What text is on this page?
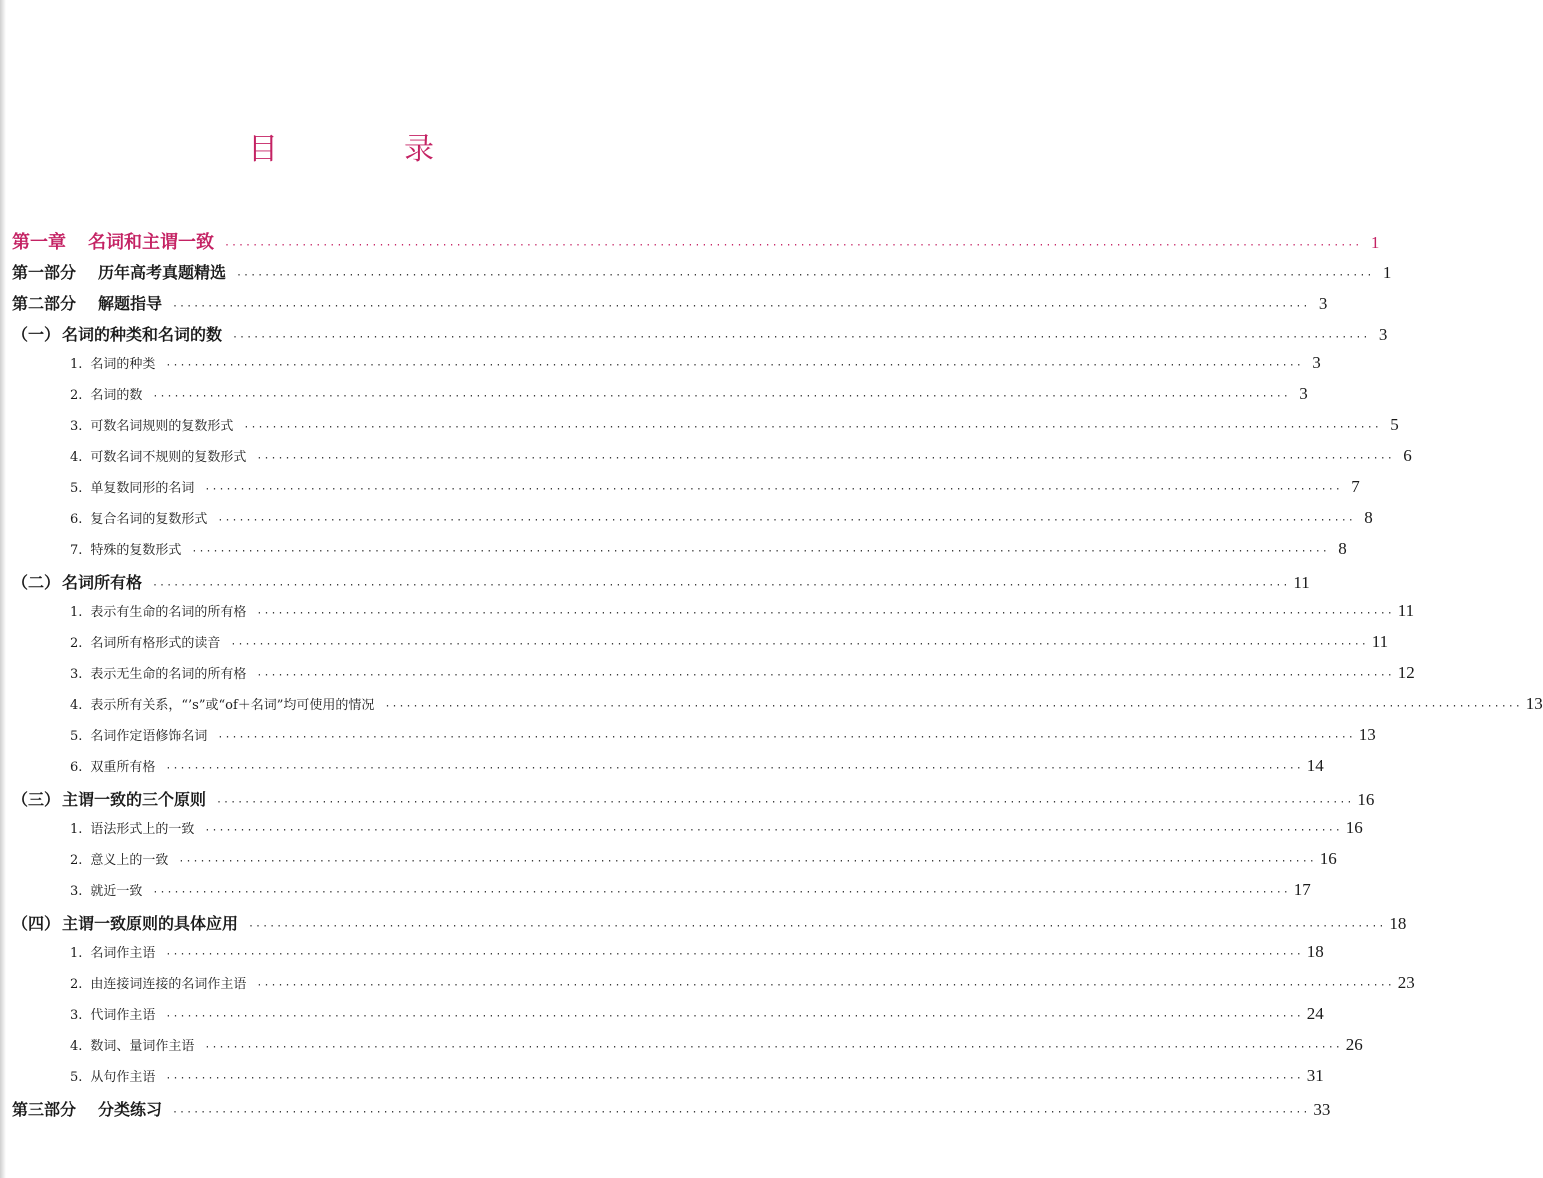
目　录
第一章 名词和主谓一致 ·································································································································································· 1
第一部分 历年高考真题精选 ·································································································································································· 1
第二部分 解题指导 ·································································································································································· 3
（一） 名词的种类和名词的数 ·································································································································································· 3
1. 名词的种类 ·································································································································································· 3
2. 名词的数 ·································································································································································· 3
3. 可数名词规则的复数形式 ·································································································································································· 5
4. 可数名词不规则的复数形式 ·································································································································································· 6
5. 单复数同形的名词 ·································································································································································· 7
6. 复合名词的复数形式 ·································································································································································· 8
7. 特殊的复数形式 ·································································································································································· 8
（二） 名词所有格 ·································································································································································· 11
1. 表示有生命的名词的所有格 ·································································································································································· 11
2. 名词所有格形式的读音 ·································································································································································· 11
3. 表示无生命的名词的所有格 ·································································································································································· 12
4. 表示所有关系，“’s”或“of＋名词”均可使用的情况 ·································································································································································· 13
5. 名词作定语修饰名词 ·································································································································································· 13
6. 双重所有格 ·································································································································································· 14
（三） 主谓一致的三个原则 ·································································································································································· 16
1. 语法形式上的一致 ·································································································································································· 16
2. 意义上的一致 ·································································································································································· 16
3. 就近一致 ·································································································································································· 17
（四） 主谓一致原则的具体应用 ·································································································································································· 18
1. 名词作主语 ·································································································································································· 18
2. 由连接词连接的名词作主语 ·································································································································································· 23
3. 代词作主语 ·································································································································································· 24
4. 数词、量词作主语 ·································································································································································· 26
5. 从句作主语 ·································································································································································· 31
第三部分 分类练习 ·································································································································································· 33
